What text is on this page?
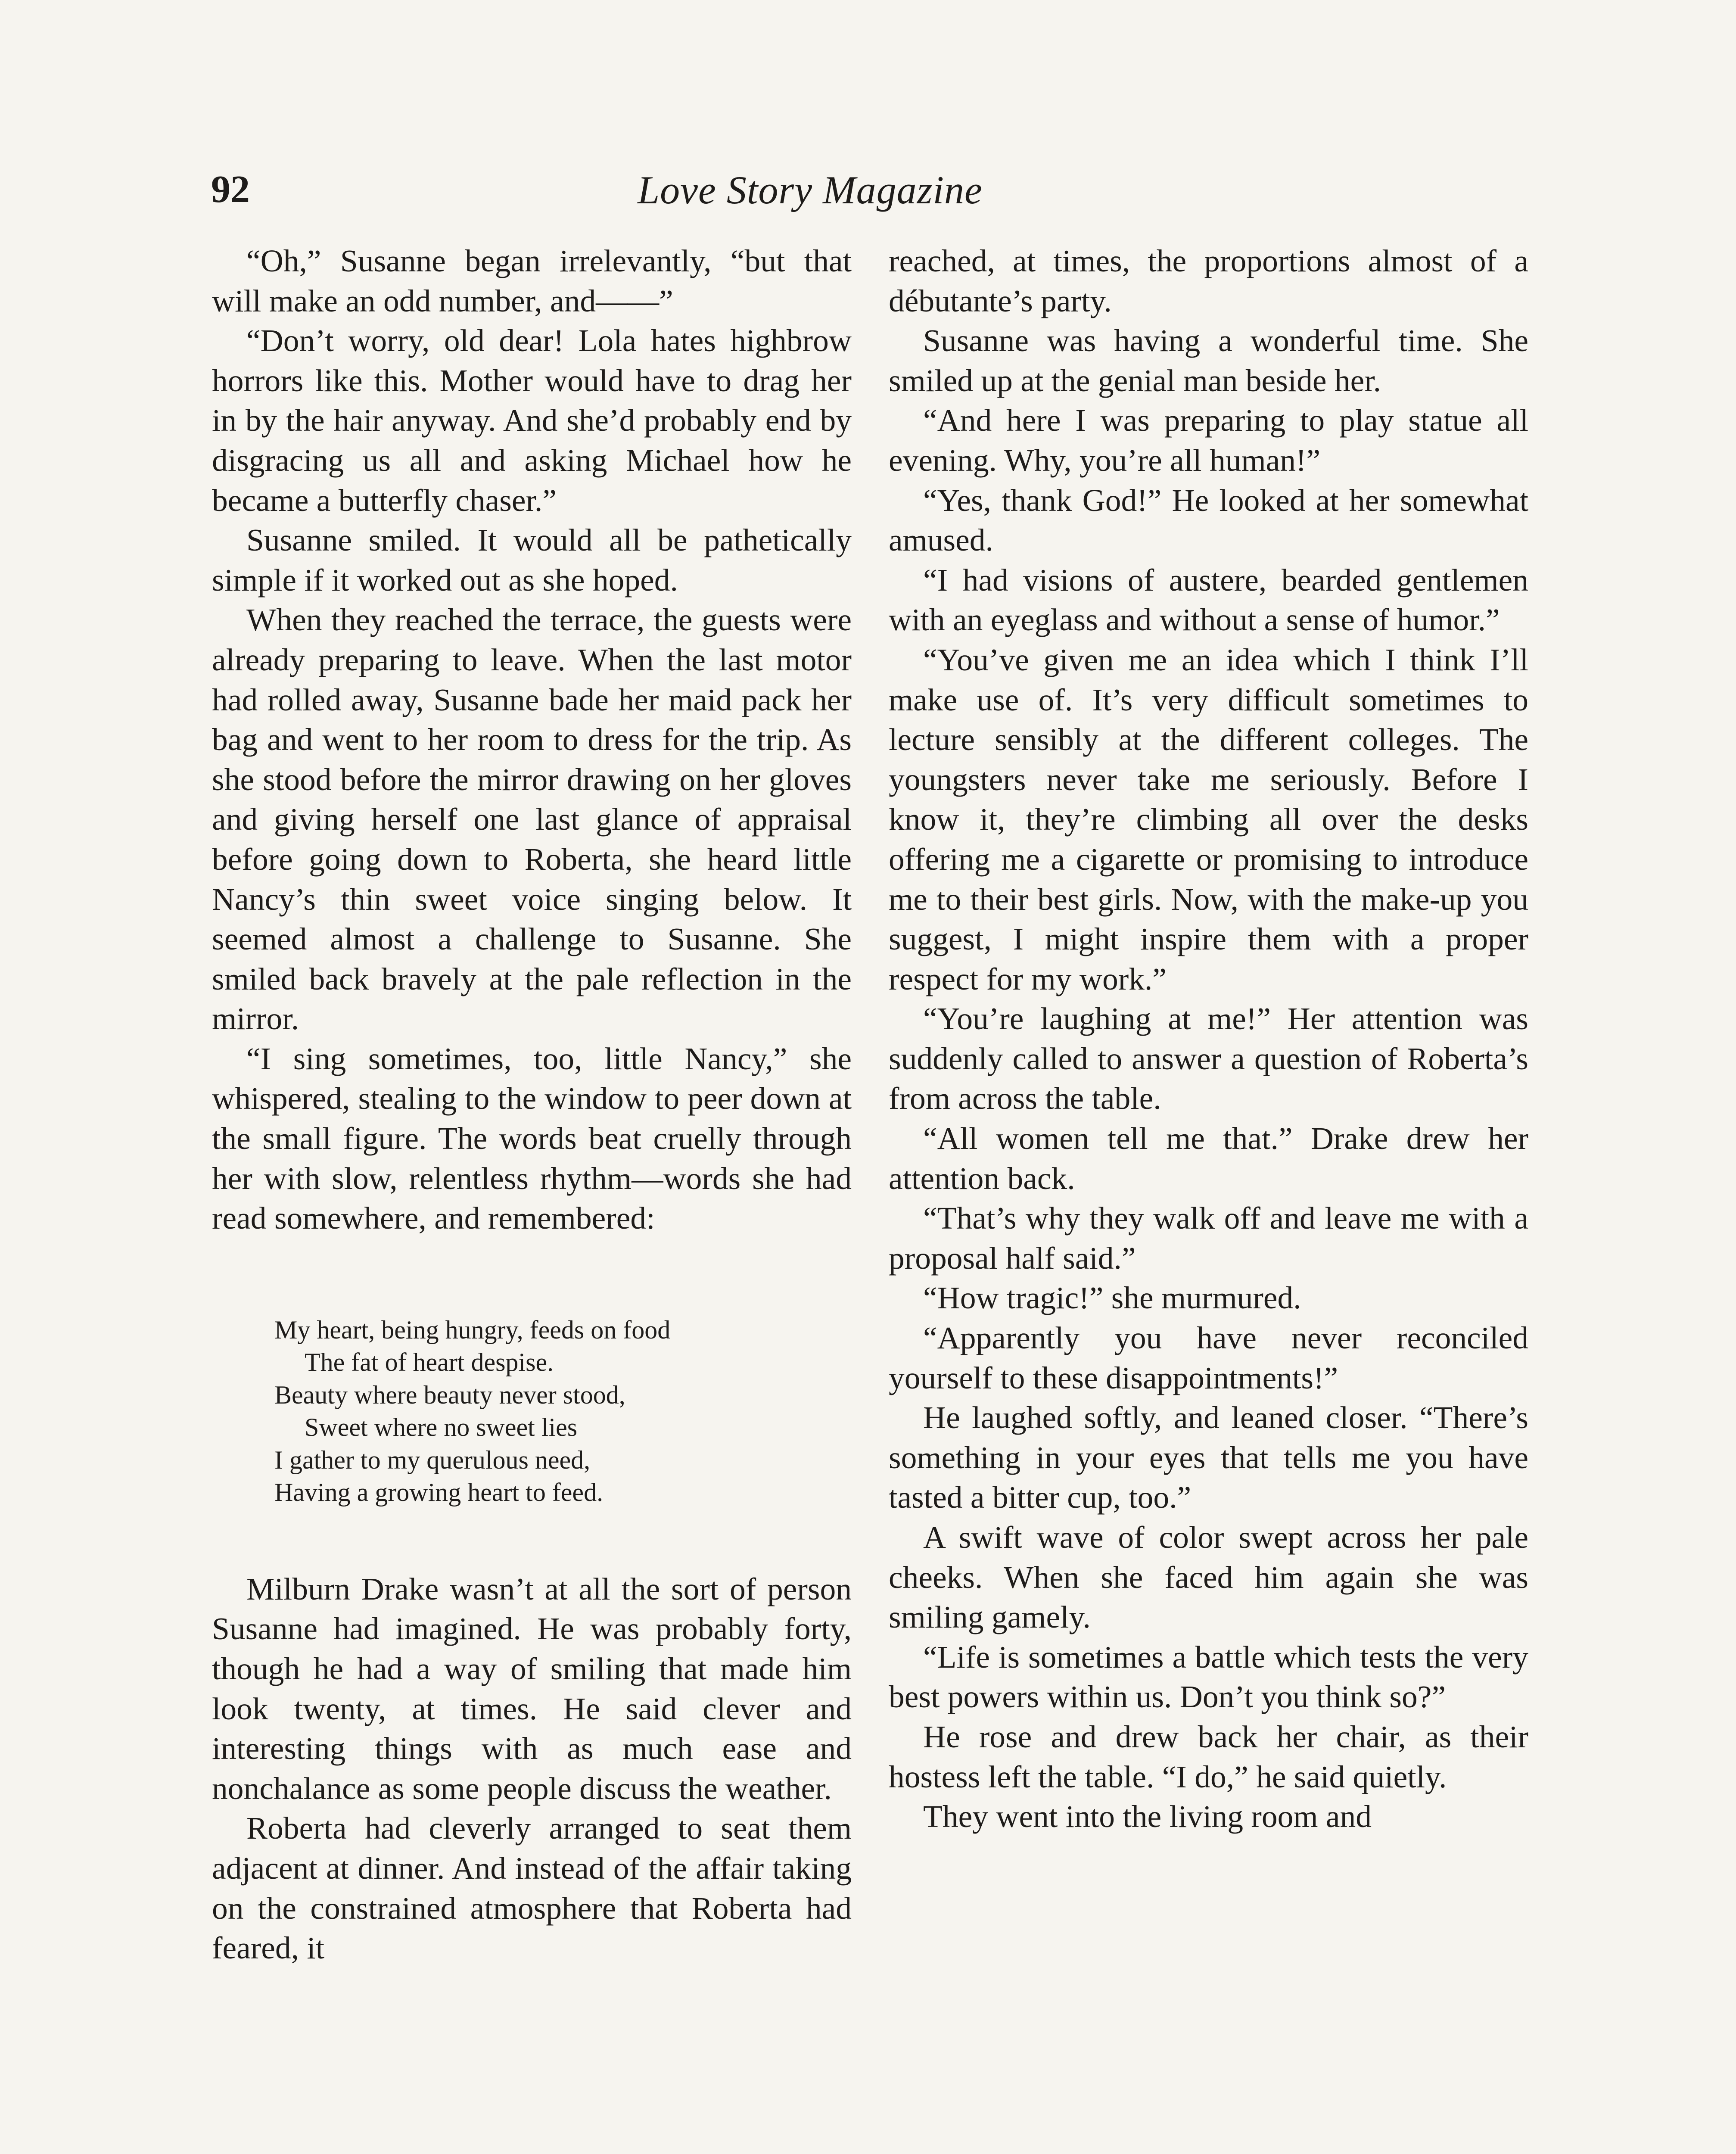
92	Love Story Magazine

“Oh,” Susanne began irrelevantly, “but that will make an odd number, and——”

“Don’t worry, old dear! Lola hates highbrow horrors like this. Mother would have to drag her in by the hair anyway. And she’d probably end by disgracing us all and asking Michael how he became a butterfly chaser.”

Susanne smiled. It would all be pathetically simple if it worked out as she hoped.

When they reached the terrace, the guests were already preparing to leave. When the last motor had rolled away, Susanne bade her maid pack her bag and went to her room to dress for the trip. As she stood before the mirror drawing on her gloves and giving herself one last glance of appraisal before going down to Roberta, she heard little Nancy’s thin sweet voice singing below. It seemed almost a challenge to Susanne. She smiled back bravely at the pale reflection in the mirror.

“I sing sometimes, too, little Nancy,” she whispered, stealing to the window to peer down at the small figure. The words beat cruelly through her with slow, relentless rhythm—words she had read somewhere, and remembered:

My heart, being hungry, feeds on food
The fat of heart despise.
Beauty where beauty never stood,
Sweet where no sweet lies
I gather to my querulous need,
Having a growing heart to feed.

Milburn Drake wasn’t at all the sort of person Susanne had imagined. He was probably forty, though he had a way of smiling that made him look twenty, at times. He said clever and interesting things with as much ease and nonchalance as some people discuss the weather.

Roberta had cleverly arranged to seat them adjacent at dinner. And instead of the affair taking on the constrained atmosphere that Roberta had feared, it

reached, at times, the proportions almost of a débutante’s party.

Susanne was having a wonderful time. She smiled up at the genial man beside her.

“And here I was preparing to play statue all evening. Why, you’re all human!”

“Yes, thank God!” He looked at her somewhat amused.

“I had visions of austere, bearded gentlemen with an eyeglass and without a sense of humor.”

“You’ve given me an idea which I think I’ll make use of. It’s very difficult sometimes to lecture sensibly at the different colleges. The youngsters never take me seriously. Before I know it, they’re climbing all over the desks offering me a cigarette or promising to introduce me to their best girls. Now, with the make-up you suggest, I might inspire them with a proper respect for my work.”

“You’re laughing at me!” Her attention was suddenly called to answer a question of Roberta’s from across the table.

“All women tell me that.” Drake drew her attention back.

“That’s why they walk off and leave me with a proposal half said.”

“How tragic!” she murmured.

“Apparently you have never reconciled yourself to these disappointments!”

He laughed softly, and leaned closer. “There’s something in your eyes that tells me you have tasted a bitter cup, too.”

A swift wave of color swept across her pale cheeks. When she faced him again she was smiling gamely.

“Life is sometimes a battle which tests the very best powers within us. Don’t you think so?”

He rose and drew back her chair, as their hostess left the table. “I do,” he said quietly.

They went into the living room and
